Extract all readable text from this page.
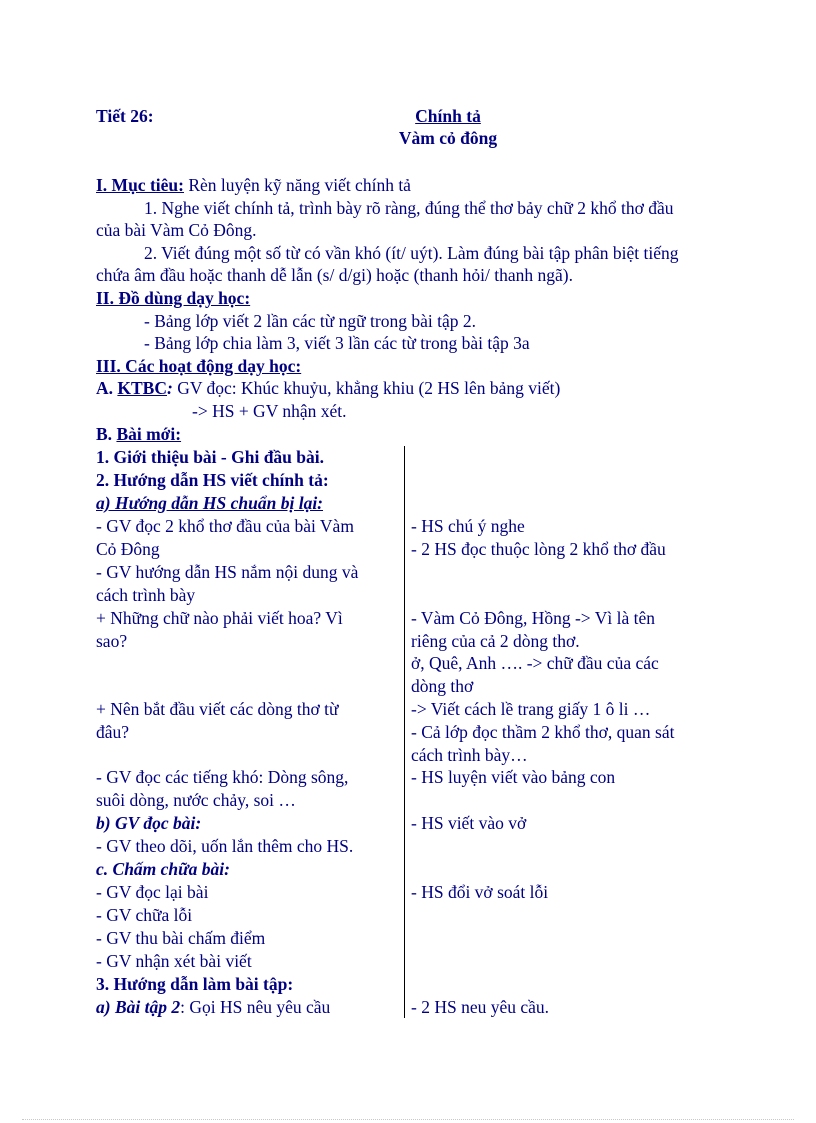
Tiết 26:	Chính tả
Vàm cỏ đông
I. Mục tiêu: Rèn luyện kỹ năng viết chính tả
1. Nghe viết chính tả, trình bày rõ ràng, đúng thể thơ bảy chữ 2 khổ thơ đầu
của bài Vàm Cỏ Đông.
2. Viết đúng một số từ có vần khó (ít/ uýt). Làm đúng bài tập phân biệt tiếng
chứa âm đầu hoặc thanh dễ lẫn (s/ d/gi) hoặc (thanh hỏi/ thanh ngã).
II. Đồ dùng dạy học:
- Bảng lớp viết 2 lần các từ ngữ trong bài tập 2.
- Bảng lớp chia làm 3, viết 3 lần các từ trong bài tập 3a
III. Các hoạt động dạy học:
A. KTBC: GV đọc: Khúc khuỷu, khẳng khiu (2 HS lên bảng viết)
-> HS + GV nhận xét.
B. Bài mới:
1. Giới thiệu bài - Ghi đầu bài.
2. Hướng dẫn HS viết chính tả:
a) Hướng dẫn HS chuẩn bị lại:
- GV đọc 2 khổ thơ đầu của bài Vàm
Cỏ Đông
- GV hướng dẫn HS nắm nội dung và
cách trình bày
+ Những chữ nào phải viết hoa? Vì
sao?
+ Nên bắt đầu viết các dòng thơ từ
đâu?
- GV đọc các tiếng khó: Dòng sông,
suôi dòng, nước chảy, soi …
b) GV đọc bài:
- GV theo dõi, uốn lắn thêm cho HS.
c. Chấm chữa bài:
- GV đọc lại bài
- GV chữa lỗi
- GV thu bài chấm điểm
- GV nhận xét bài viết
3. Hướng dẫn làm bài tập:
a) Bài tập 2: Gọi HS nêu yêu cầu
- HS chú ý nghe
- 2 HS đọc thuộc lòng 2 khổ thơ đầu
- Vàm Cỏ Đông, Hồng -> Vì là tên
riêng của cả 2 dòng thơ.
ở, Quê, Anh …. -> chữ đầu của các
dòng thơ
-> Viết cách lề trang giấy 1 ô li …
- Cả lớp đọc thầm 2 khổ thơ, quan sát
cách trình bày…
- HS luyện viết vào bảng con
- HS viết vào vở
- HS đổi vở soát lỗi
- 2 HS neu yêu cầu.
